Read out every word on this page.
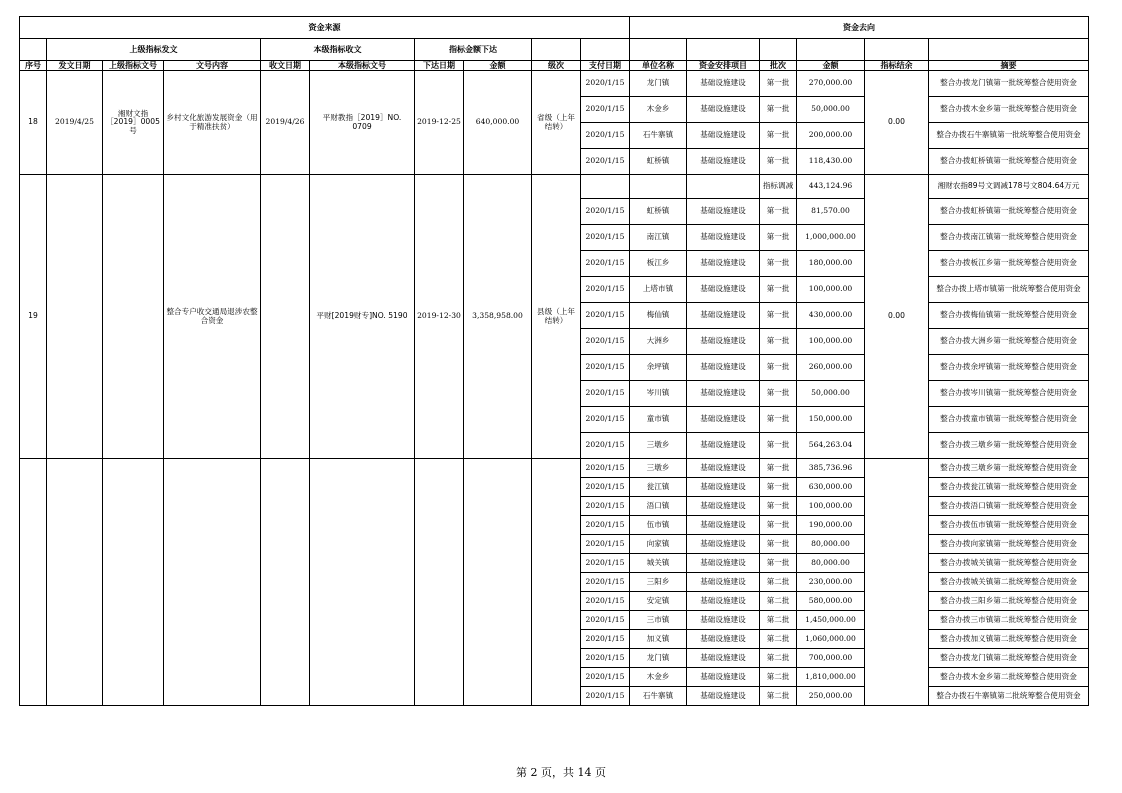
资金来源										资金去向					
	上级指标发文			本级指标收文		指标金额下达									
序号	发文日期	上级指标文号	文号内容	收文日期	本级指标文号	下达日期	金额	级次	支付日期	单位名称	资金安排项目	批次	金额	指标结余	摘要
18	2019/4/25	湘财文指［2019］0005号	乡村文化旅游发展资金（用于精准扶贫）	2019/4/26	平财教指［2019］NO. 0709	2019-12-25	640,000.00	省级（上年结转）	2020/1/15	龙门镇	基础设施建设	第一批	270,000.00	0.00	整合办拨龙门镇第一批统筹整合使用资金
									2020/1/15	木金乡	基础设施建设	第一批	50,000.00		整合办拨木金乡第一批统筹整合使用资金
									2020/1/15	石牛寨镇	基础设施建设	第一批	200,000.00		整合办拨石牛寨镇第一批统筹整合使用资金
									2020/1/15	虹桥镇	基础设施建设	第一批	118,430.00		整合办拨虹桥镇第一批统筹整合使用资金
19			整合专户收交通局退涉农整合资金		平财[2019财专]NO. 5190	2019-12-30	3,358,958.00	县级（上年结转）				指标调减	443,124.96	0.00	湘财农指89号文调减178号文804.64万元
									2020/1/15	虹桥镇	基础设施建设	第一批	81,570.00		整合办拨虹桥镇第一批统筹整合使用资金
									2020/1/15	南江镇	基础设施建设	第一批	1,000,000.00		整合办拨南江镇第一批统筹整合使用资金
									2020/1/15	板江乡	基础设施建设	第一批	180,000.00		整合办拨板江乡第一批统筹整合使用资金
									2020/1/15	上塔市镇	基础设施建设	第一批	100,000.00		整合办拨上塔市镇第一批统筹整合使用资金
									2020/1/15	梅仙镇	基础设施建设	第一批	430,000.00		整合办拨梅仙镇第一批统筹整合使用资金
									2020/1/15	大洲乡	基础设施建设	第一批	100,000.00		整合办拨大洲乡第一批统筹整合使用资金
									2020/1/15	余坪镇	基础设施建设	第一批	260,000.00		整合办拨余坪镇第一批统筹整合使用资金
									2020/1/15	岑川镇	基础设施建设	第一批	50,000.00		整合办拨岑川镇第一批统筹整合使用资金
									2020/1/15	童市镇	基础设施建设	第一批	150,000.00		整合办拨童市镇第一批统筹整合使用资金
									2020/1/15	三墩乡	基础设施建设	第一批	564,263.04		整合办拨三墩乡第一批统筹整合使用资金
									2020/1/15	三墩乡	基础设施建设	第一批	385,736.96		整合办拨三墩乡第一批统筹整合使用资金
									2020/1/15	瓮江镇	基础设施建设	第一批	630,000.00		整合办拨瓮江镇第一批统筹整合使用资金
									2020/1/15	浯口镇	基础设施建设	第一批	100,000.00		整合办拨浯口镇第一批统筹整合使用资金
									2020/1/15	伍市镇	基础设施建设	第一批	190,000.00		整合办拨伍市镇第一批统筹整合使用资金
									2020/1/15	向家镇	基础设施建设	第一批	80,000.00		整合办拨向家镇第一批统筹整合使用资金
									2020/1/15	城关镇	基础设施建设	第一批	80,000.00		整合办拨城关镇第一批统筹整合使用资金
									2020/1/15	三阳乡	基础设施建设	第二批	230,000.00		整合办拨城关镇第二批统筹整合使用资金
									2020/1/15	安定镇	基础设施建设	第二批	580,000.00		整合办拨三阳乡第二批统筹整合使用资金
									2020/1/15	三市镇	基础设施建设	第二批	1,450,000.00		整合办拨三市镇第二批统筹整合使用资金
									2020/1/15	加义镇	基础设施建设	第二批	1,060,000.00		整合办拨加义镇第二批统筹整合使用资金
									2020/1/15	龙门镇	基础设施建设	第二批	700,000.00		整合办拨龙门镇第二批统筹整合使用资金
									2020/1/15	木金乡	基础设施建设	第二批	1,810,000.00		整合办拨木金乡第二批统筹整合使用资金
									2020/1/15	石牛寨镇	基础设施建设	第二批	250,000.00		整合办拨石牛寨镇第二批统筹整合使用资金
第 2 页，共 14 页
